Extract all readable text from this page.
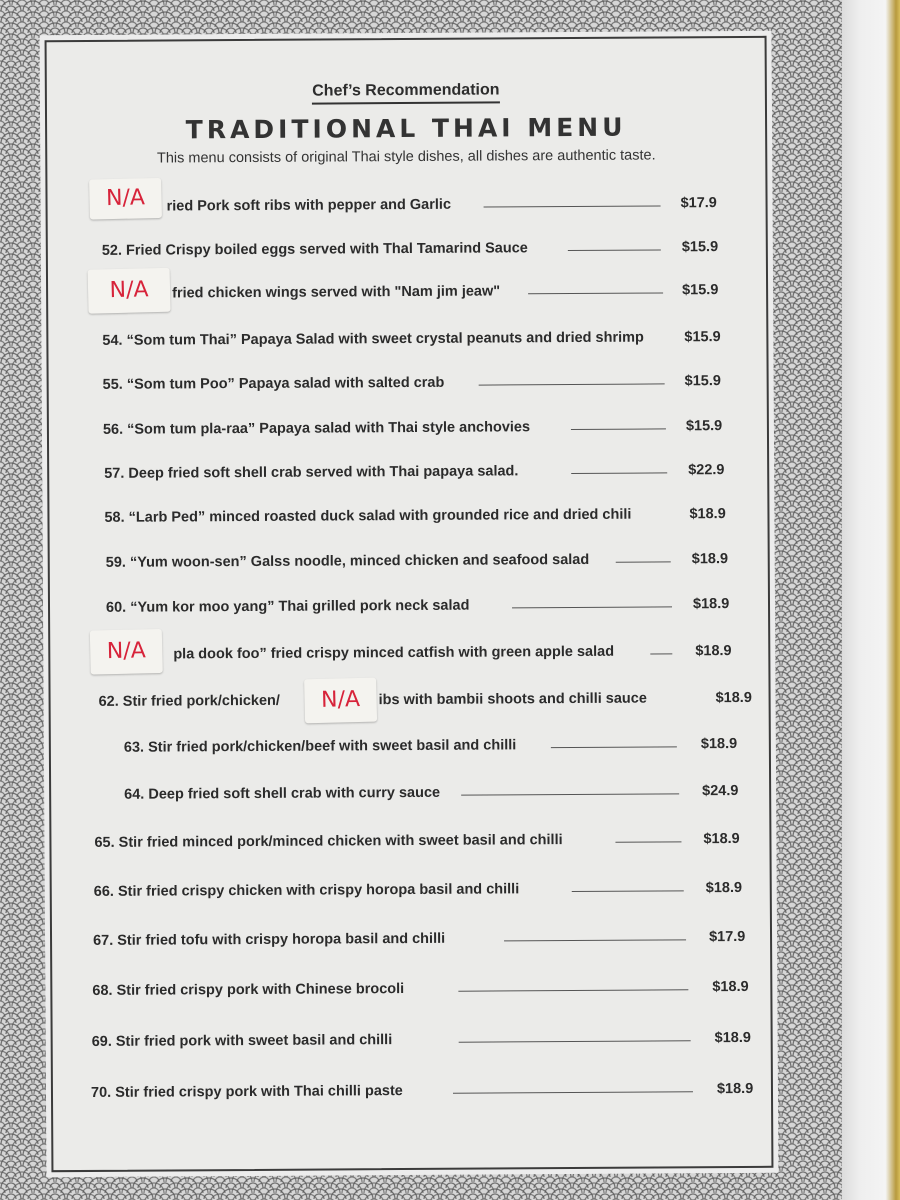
Chef’s Recommendation
TRADITIONAL THAI MENU
This menu consists of original Thai style dishes, all dishes are authentic taste.
ried Pork soft ribs with pepper and Garlic	$17.9
52. Fried Crispy boiled eggs served with Thal Tamarind Sauce	$15.9
fried chicken wings served with "Nam jim jeaw"	$15.9
54. “Som tum Thai” Papaya Salad with sweet crystal peanuts and dried shrimp	$15.9
55. “Som tum Poo” Papaya salad with salted crab	$15.9
56. “Som tum pla-raa” Papaya salad with Thai style anchovies	$15.9
57. Deep fried soft shell crab served with Thai papaya salad.	$22.9
58. “Larb Ped” minced roasted duck salad with grounded rice and dried chili	$18.9
59. “Yum woon-sen” Galss noodle, minced chicken and seafood salad	$18.9
60. “Yum kor moo yang” Thai grilled pork neck salad	$18.9
pla dook foo” fried crispy minced catfish with green apple salad	$18.9
62. Stir fried pork/chicken/	ibs with bambii shoots and chilli sauce	$18.9
63. Stir fried pork/chicken/beef with sweet basil and chilli	$18.9
64. Deep fried soft shell crab with curry sauce	$24.9
65. Stir fried minced pork/minced chicken with sweet basil and chilli	$18.9
66. Stir fried crispy chicken with crispy horopa basil and chilli	$18.9
67. Stir fried tofu with crispy horopa basil and chilli	$17.9
68. Stir fried crispy pork with Chinese brocoli	$18.9
69. Stir fried pork with sweet basil and chilli	$18.9
70. Stir fried crispy pork with Thai chilli paste	$18.9
N/A
N/A
N/A
N/A
